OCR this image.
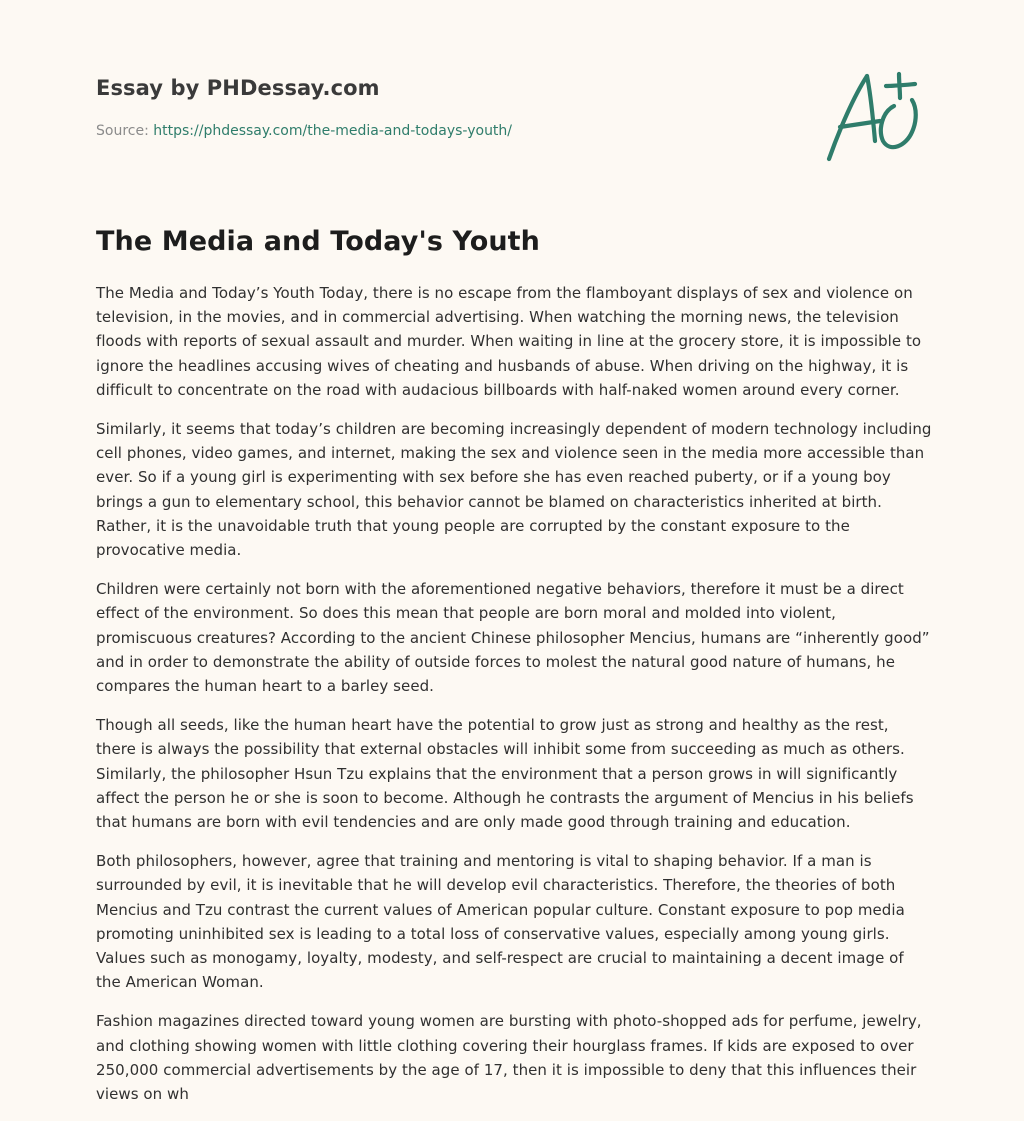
Essay by PHDessay.com
Source: https://phdessay.com/the-media-and-todays-youth/
The Media and Today's Youth

The Media and Today’s Youth Today, there is no escape from the flamboyant displays of sex and violence on television, in the movies, and in commercial advertising. When watching the morning news, the television floods with reports of sexual assault and murder. When waiting in line at the grocery store, it is impossible to ignore the headlines accusing wives of cheating and husbands of abuse. When driving on the highway, it is difficult to concentrate on the road with audacious billboards with half-naked women around every corner.

Similarly, it seems that today’s children are becoming increasingly dependent of modern technology including cell phones, video games, and internet, making the sex and violence seen in the media more accessible than ever. So if a young girl is experimenting with sex before she has even reached puberty, or if a young boy brings a gun to elementary school, this behavior cannot be blamed on characteristics inherited at birth. Rather, it is the unavoidable truth that young people are corrupted by the constant exposure to the provocative media.

Children were certainly not born with the aforementioned negative behaviors, therefore it must be a direct effect of the environment. So does this mean that people are born moral and molded into violent, promiscuous creatures? According to the ancient Chinese philosopher Mencius, humans are “inherently good” and in order to demonstrate the ability of outside forces to molest the natural good nature of humans, he compares the human heart to a barley seed.

Though all seeds, like the human heart have the potential to grow just as strong and healthy as the rest, there is always the possibility that external obstacles will inhibit some from succeeding as much as others. Similarly, the philosopher Hsun Tzu explains that the environment that a person grows in will significantly affect the person he or she is soon to become. Although he contrasts the argument of Mencius in his beliefs that humans are born with evil tendencies and are only made good through training and education.

Both philosophers, however, agree that training and mentoring is vital to shaping behavior. If a man is surrounded by evil, it is inevitable that he will develop evil characteristics. Therefore, the theories of both Mencius and Tzu contrast the current values of American popular culture. Constant exposure to pop media promoting uninhibited sex is leading to a total loss of conservative values, especially among young girls. Values such as monogamy, loyalty, modesty, and self-respect are crucial to maintaining a decent image of the American Woman.

Fashion magazines directed toward young women are bursting with photo-shopped ads for perfume, jewelry, and clothing showing women with little clothing covering their hourglass frames. If kids are exposed to over 250,000 commercial advertisements by the age of 17, then it is impossible to deny that this influences their views on wh
